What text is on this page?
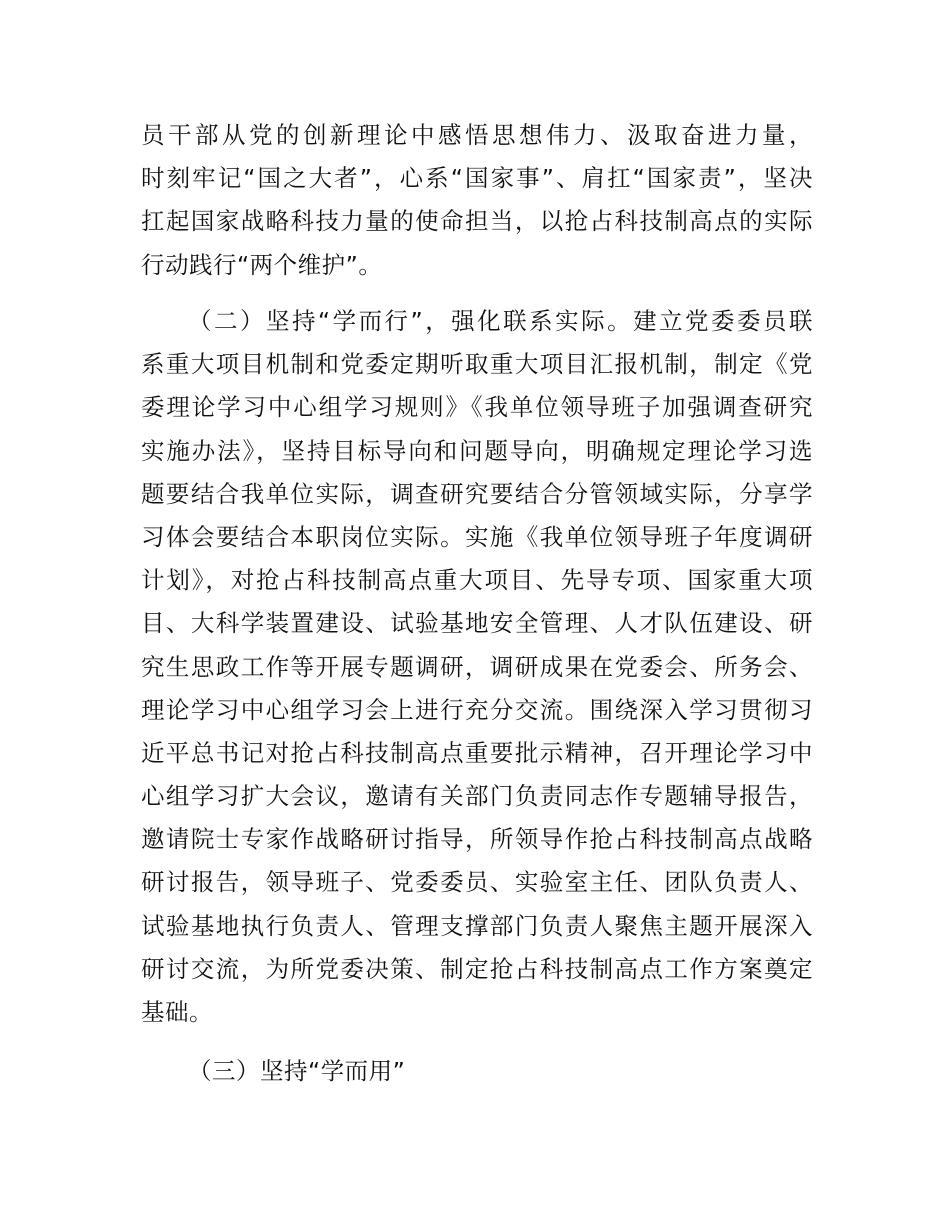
员干部从党的创新理论中感悟思想伟力、汲取奋进力量，
时刻牢记“国之大者”，心系“国家事”、肩扛“国家责”，坚决
扛起国家战略科技力量的使命担当，以抢占科技制高点的实际
行动践行“两个维护”。
（二）坚持“学而行”，强化联系实际。建立党委委员联
系重大项目机制和党委定期听取重大项目汇报机制，制定《党
委理论学习中心组学习规则》《我单位领导班子加强调查研究
实施办法》，坚持目标导向和问题导向，明确规定理论学习选
题要结合我单位实际，调查研究要结合分管领域实际，分享学
习体会要结合本职岗位实际。实施《我单位领导班子年度调研
计划》，对抢占科技制高点重大项目、先导专项、国家重大项
目、大科学装置建设、试验基地安全管理、人才队伍建设、研
究生思政工作等开展专题调研，调研成果在党委会、所务会、
理论学习中心组学习会上进行充分交流。围绕深入学习贯彻习
近平总书记对抢占科技制高点重要批示精神，召开理论学习中
心组学习扩大会议，邀请有关部门负责同志作专题辅导报告，
邀请院士专家作战略研讨指导，所领导作抢占科技制高点战略
研讨报告，领导班子、党委委员、实验室主任、团队负责人、
试验基地执行负责人、管理支撑部门负责人聚焦主题开展深入
研讨交流，为所党委决策、制定抢占科技制高点工作方案奠定
基础。
（三）坚持“学而用”
